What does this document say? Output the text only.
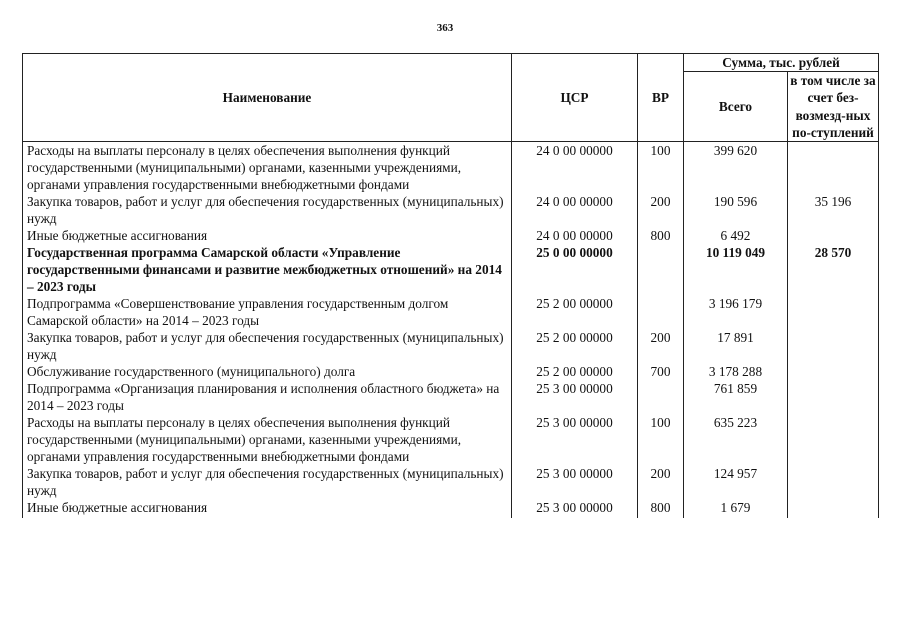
363
Наименование	ЦСР	ВР	Сумма, тыс. рублей	
			Всего	в том числе за счет без-возмезд-ных по-ступлений
Расходы на выплаты персоналу в целях обеспечения выполнения функций государственными (муниципальными) органами, казенными учреждениями, органами управления государственными внебюджетными фондами	24 0 00 00000	100	399 620	
Закупка товаров, работ и услуг для обеспечения государственных (муниципальных) нужд	24 0 00 00000	200	190 596	35 196
Иные бюджетные ассигнования	24 0 00 00000	800	6 492	
Государственная программа Самарской области «Управление государственными финансами и развитие межбюджетных отношений» на 2014 – 2023 годы	25 0 00 00000		10 119 049	28 570
Подпрограмма «Совершенствование управления государственным долгом Самарской области» на 2014 – 2023 годы	25 2 00 00000		3 196 179	
Закупка товаров, работ и услуг для обеспечения государственных (муниципальных) нужд	25 2 00 00000	200	17 891	
Обслуживание государственного (муниципального) долга	25 2 00 00000	700	3 178 288	
Подпрограмма «Организация планирования и исполнения областного бюджета» на 2014 – 2023 годы	25 3 00 00000		761 859	
Расходы на выплаты персоналу в целях обеспечения выполнения функций государственными (муниципальными) органами, казенными учреждениями, органами управления государственными внебюджетными фондами	25 3 00 00000	100	635 223	
Закупка товаров, работ и услуг для обеспечения государственных (муниципальных) нужд	25 3 00 00000	200	124 957	
Иные бюджетные ассигнования	25 3 00 00000	800	1 679	
